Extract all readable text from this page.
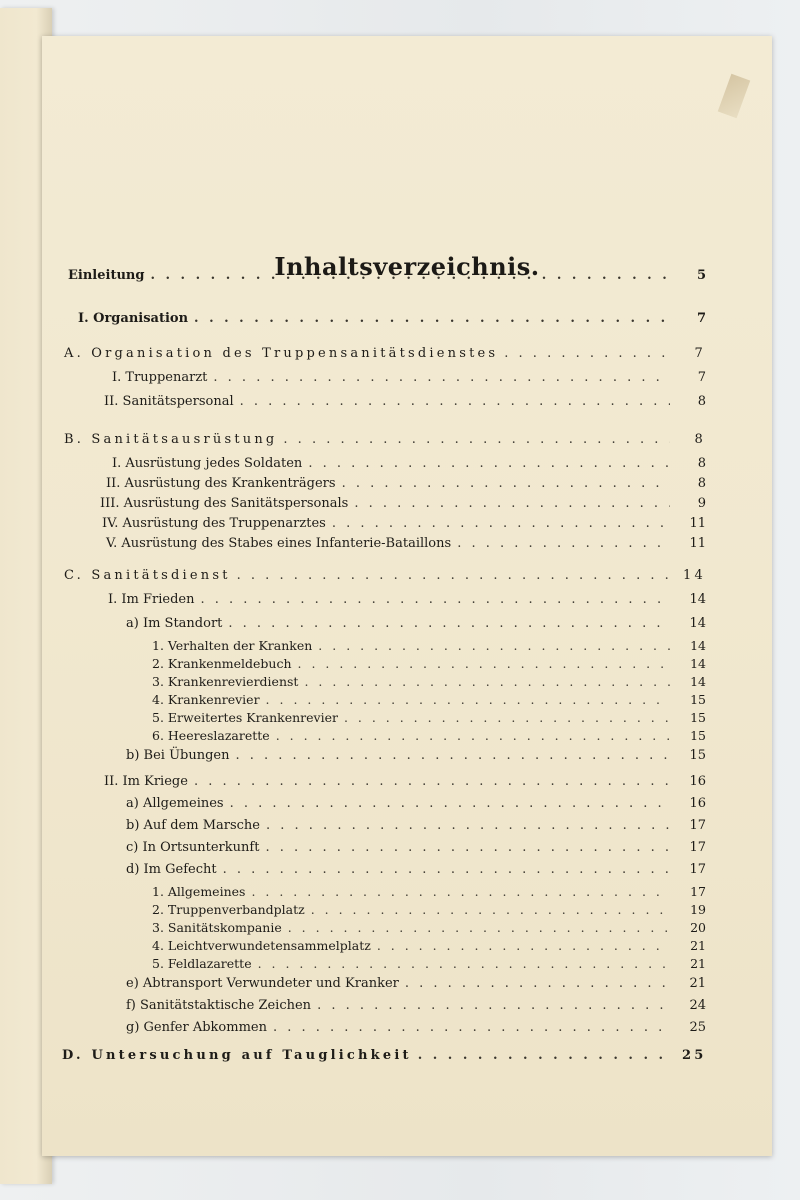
Inhaltsverzeichnis.
Einleitung . . .	5
I. Organisation . . .	7
A. Organisation des Truppensanitätsdienstes . . .	7
I. Truppenarzt . . .	7
II. Sanitätspersonal . . .	8
B. Sanitätsausrüstung . . .	8
I. Ausrüstung jedes Soldaten . . .	8
II. Ausrüstung des Krankenträgers . . .	8
III. Ausrüstung des Sanitätspersonals . . .	9
IV. Ausrüstung des Truppenarztes . . .	11
V. Ausrüstung des Stabes eines Infanterie-Bataillons . . .	11
C. Sanitätsdienst . . .	14
I. Im Frieden . . .	14
a) Im Standort . . .	14
1. Verhalten der Kranken . . .	14
2. Krankenmeldebuch . . .	14
3. Krankenrevierdienst . . .	14
4. Krankenrevier . . .	15
5. Erweitertes Krankenrevier . . .	15
6. Heereslazarette . . .	15
b) Bei Übungen . . .	15
II. Im Kriege . . .	16
a) Allgemeines . . .	16
b) Auf dem Marsche . . .	17
c) In Ortsunterkunft . . .	17
d) Im Gefecht . . .	17
1. Allgemeines . . .	17
2. Truppenverbandplatz . . .	19
3. Sanitätskompanie . . .	20
4. Leichtverwundetensammelplatz . . .	21
5. Feldlazarette . . .	21
e) Abtransport Verwundeter und Kranker . . .	21
f) Sanitätstaktische Zeichen . . .	24
g) Genfer Abkommen . . .	25
D. Untersuchung auf Tauglichkeit . . .	25
